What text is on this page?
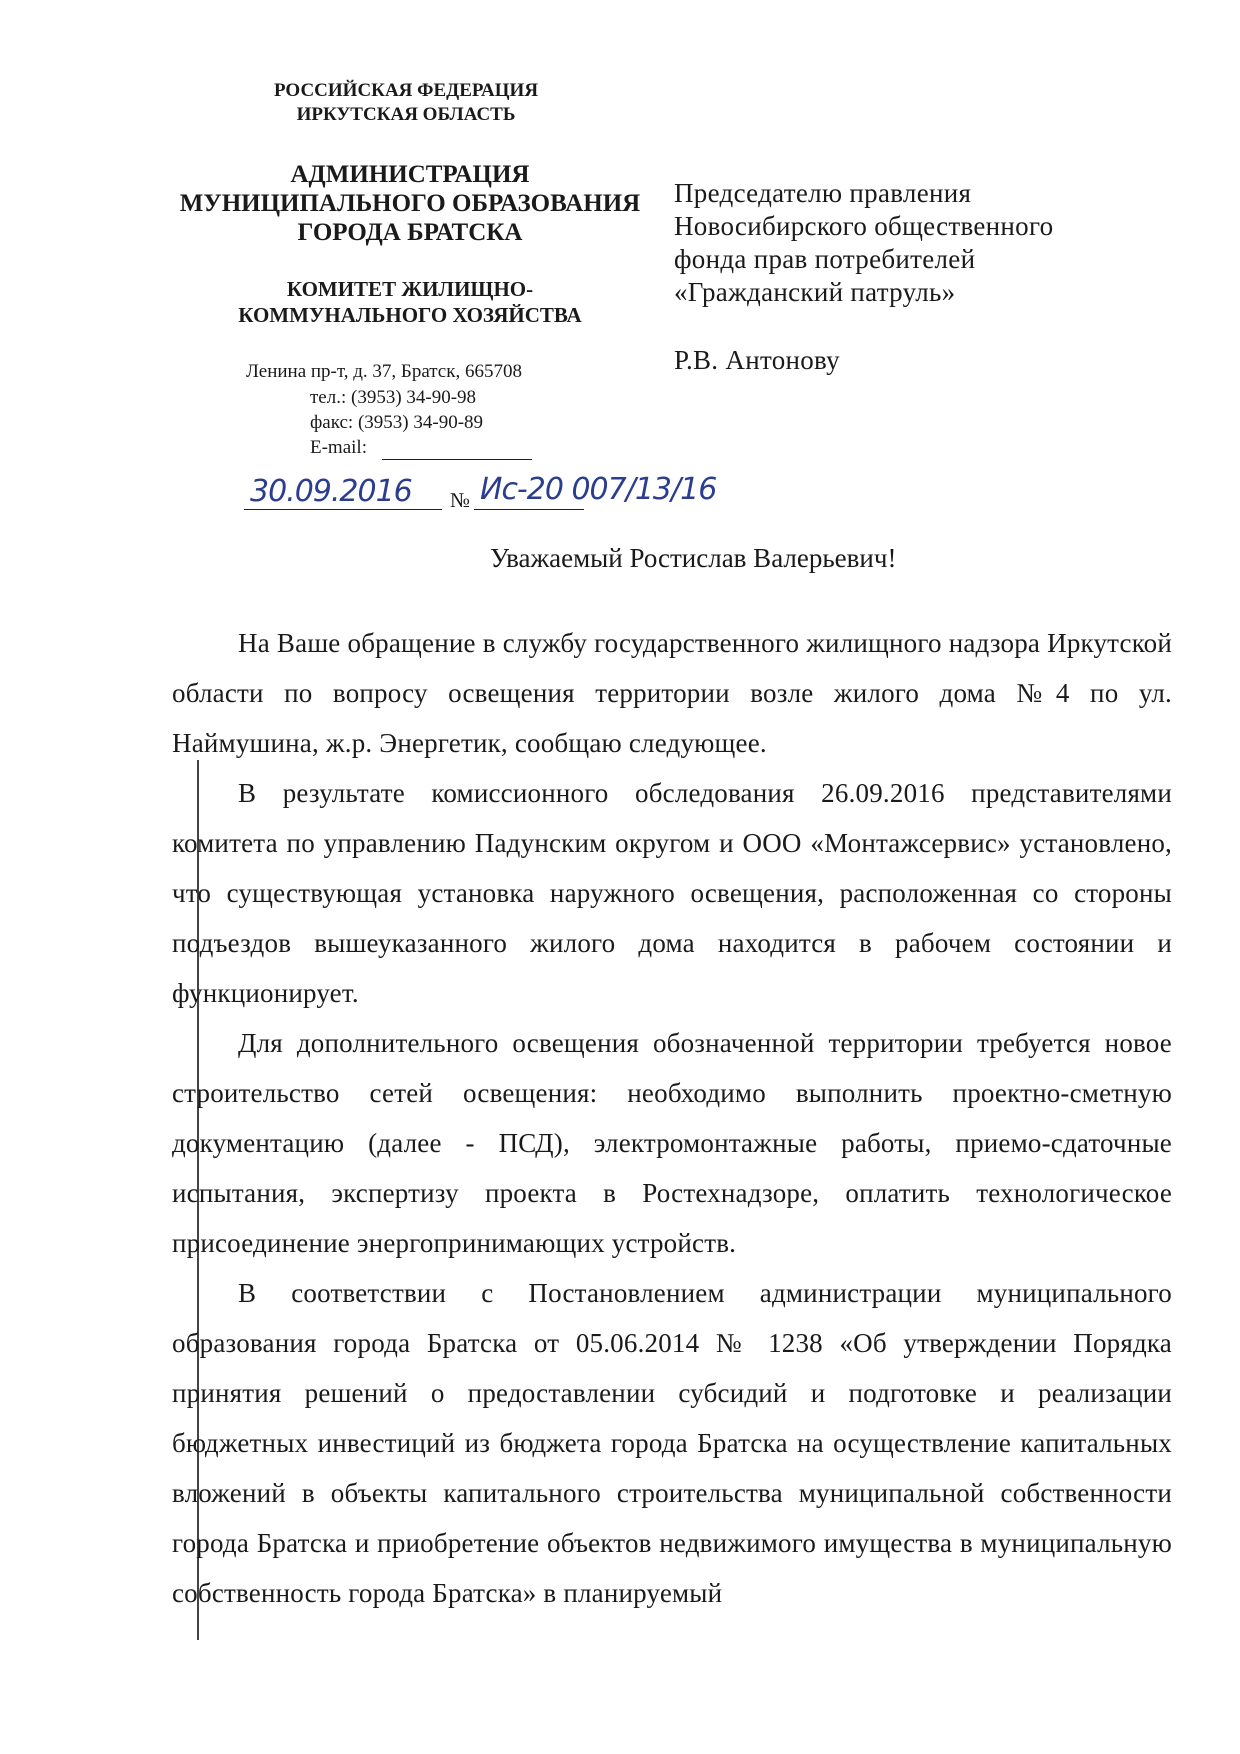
РОССИЙСКАЯ ФЕДЕРАЦИЯ
ИРКУТСКАЯ ОБЛАСТЬ
АДМИНИСТРАЦИЯ
МУНИЦИПАЛЬНОГО ОБРАЗОВАНИЯ
ГОРОДА БРАТСКА
КОМИТЕТ ЖИЛИЩНО-
КОММУНАЛЬНОГО ХОЗЯЙСТВА
Ленина пр-т, д. 37, Братск, 665708
тел.: (3953) 34-90-98
факс: (3953) 34-90-89
E-mail:
30.09.2016 № Ис-20 007/13/16
Председателю правления
Новосибирского общественного
фонда прав потребителей
«Гражданский патруль»
Р.В. Антонову
Уважаемый Ростислав Валерьевич!

На Ваше обращение в службу государственного жилищного надзора Иркутской области по вопросу освещения территории возле жилого дома №4 по ул. Наймушина, ж.р. Энергетик, сообщаю следующее.

В результате комиссионного обследования 26.09.2016 представителями комитета по управлению Падунским округом и ООО «Монтажсервис» установлено, что существующая установка наружного освещения, расположенная со стороны подъездов вышеуказанного жилого дома находится в рабочем состоянии и функционирует.

Для дополнительного освещения обозначенной территории требуется новое строительство сетей освещения: необходимо выполнить проектно-сметную документацию (далее - ПСД), электромонтажные работы, приемо-сдаточные испытания, экспертизу проекта в Ростехнадзоре, оплатить технологическое присоединение энергопринимающих устройств.

В соответствии с Постановлением администрации муниципального образования города Братска от 05.06.2014 № 1238 «Об утверждении Порядка принятия решений о предоставлении субсидий и подготовке и реализации бюджетных инвестиций из бюджета города Братска на осуществление капитальных вложений в объекты капитального строительства муниципальной собственности города Братска и приобретение объектов недвижимого имущества в муниципальную собственность города Братска» в планируемый
